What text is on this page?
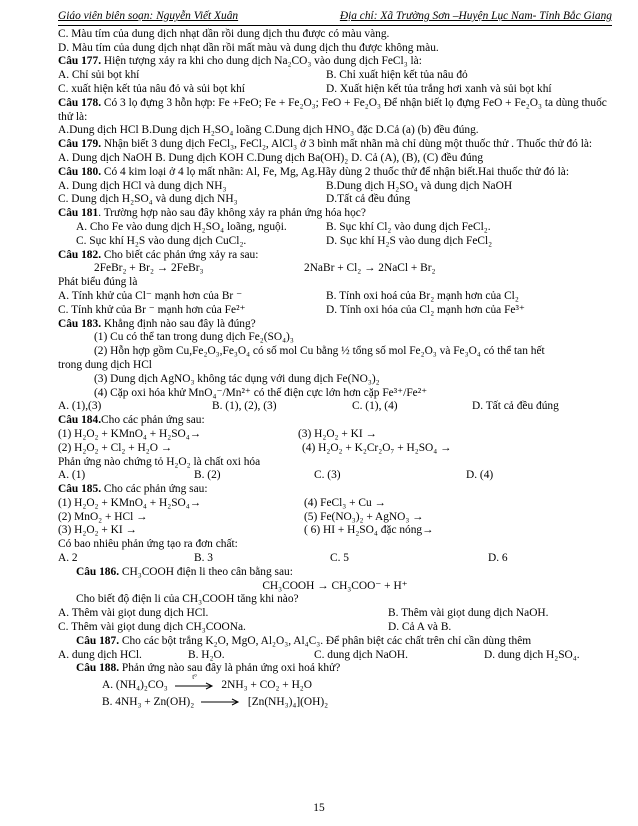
Giáo viên biên soạn: Nguyễn Viết Xuân	Địa chỉ: Xã Trường Sơn –Huyện Lục Nam- Tỉnh Bắc Giang
C. Màu tím của dung dịch nhạt dần rồi dung dịch thu được có màu vàng.
D. Màu tím của dung dịch nhạt dần rồi mất màu và dung dịch thu được không màu.
Câu 177. Hiện tượng xảy ra khi cho dung dịch Na₂CO₃ vào dung dịch FeCl₃ là:
A. Chỉ sủi bọt khí	B. Chỉ xuất hiện kết tủa nâu đỏ
C. xuất hiện kết tủa nâu đỏ và sủi bọt khí	D. Xuất hiện kết tủa trắng hơi xanh và sủi bọt khí
Câu 178. Có 3 lọ đựng 3 hỗn hợp: Fe +FeO; Fe + Fe₂O₃; FeO + Fe₂O₃ Để nhận biết lọ đựng FeO + Fe₂O₃ ta dùng thuốc thử là:
A.Dung dịch HCl B.Dung dịch H₂SO₄ loãng C.Dung dịch HNO₃ đặc D.Cả (a) (b) đều đúng.
Câu 179. Nhận biết 3 dung dịch FeCl₃, FeCl₂, AlCl₃ ở 3 bình mất nhãn mà chỉ dùng một thuốc thử . Thuốc thử đó là:
A. Dung dịch NaOH B. Dung dịch KOH C.Dung dịch Ba(OH)₂ D. Cả (A), (B), (C) đều đúng
Câu 180. Có 4 kim loại ở 4 lọ mất nhãn: Al, Fe, Mg, Ag.Hãy dùng 2 thuốc thử để nhận biết.Hai thuốc thử đó là:
A. Dung dịch HCl và dung dịch NH₃	B.Dung dịch H₂SO₄ và dung dịch NaOH
C. Dung dịch H₂SO₄ và dung dịch NH₃	D.Tất cả đều đúng
Câu 181. Trường hợp nào sau đây không xảy ra phản ứng hóa học?
A. Cho Fe vào dung dịch H₂SO₄ loãng, nguội.	B. Sục khí Cl₂ vào dung dịch FeCl₂.
C. Sục khí H₂S vào dung dịch CuCl₂.	D. Sục khí H₂S vào dung dịch FeCl₂
Câu 182. Cho biết các phản ứng xảy ra sau:
2FeBr₂ + Br₂ → 2FeBr₃	2NaBr + Cl₂ → 2NaCl + Br₂
Phát biểu đúng là
A. Tính khử của Cl⁻ mạnh hơn của Br ⁻	B. Tính oxi hoá của Br₂ mạnh hơn của Cl₂
C. Tính khử của Br ⁻ mạnh hơn của Fe²⁺	D. Tính oxi hóa của Cl₂ mạnh hơn của Fe³⁺
Câu 183. Khẳng định nào sau đây là đúng?
(1) Cu có thể tan trong dung dịch Fe₂(SO₄)₃
(2) Hỗn hợp gồm Cu,Fe₂O₃,Fe₃O₄ có số mol Cu bằng ½ tổng số mol Fe₂O₃ và Fe₃O₄ có thể tan hết
trong dung dịch HCl
(3) Dung dịch AgNO₃ không tác dụng với dung dịch Fe(NO₃)₂
(4) Cặp oxi hóa khử MnO₄⁻/Mn²⁺ có thế điện cực lớn hơn cặp Fe³⁺/Fe²⁺
A. (1),(3)	B. (1), (2), (3)	C. (1), (4)	D. Tất cả đều đúng
Câu 184.Cho các phản ứng sau:
(1) H₂O₂ + KMnO₄ + H₂SO₄→	(3) H₂O₂ + KI →
(2) H₂O₂ + Cl₂ + H₂O →	(4) H₂O₂ + K₂Cr₂O₇ + H₂SO₄ →
Phản ứng nào chứng tỏ H₂O₂ là chất oxi hóa
A. (1)	B. (2)	C. (3)	D. (4)
Câu 185. Cho các phản ứng sau:
(1) H₂O₂ + KMnO₄ + H₂SO₄→	(4) FeCl₃ + Cu →
(2) MnO₂ + HCl →	(5) Fe(NO₃)₂ + AgNO₃ →
(3) H₂O₂ + KI →	( 6) HI + H₂SO₄ đặc nóng→
Có bao nhiêu phản ứng tạo ra đơn chất:
A. 2	B. 3	C. 5	D. 6
Câu 186. CH₃COOH điện li theo cân bằng sau:
CH₃COOH → CH₃COO⁻ + H⁺
Cho biết độ điện li của CH₃COOH tăng khi nào?
A. Thêm vài giọt dung dịch HCl.	B. Thêm vài giọt dung dịch NaOH.
C. Thêm vài giọt dung dịch CH₃COONa.	D. Cả A và B.
Câu 187. Cho các bột trắng K₂O, MgO, Al₂O₃, Al₄C₃. Để phân biệt các chất trên chỉ cần dùng thêm
A. dung dịch HCl.	B. H₂O.	C. dung dịch NaOH.	D. dung dịch H₂SO₄.
Câu 188. Phản ứng nào sau đây là phản ứng oxi hoá khử?
A. (NH₄)₂CO₃
t°
2NH₃ + CO₂ + H₂O
B. 4NH₃ + Zn(OH)₂	[Zn(NH₃)₄](OH)₂
15
